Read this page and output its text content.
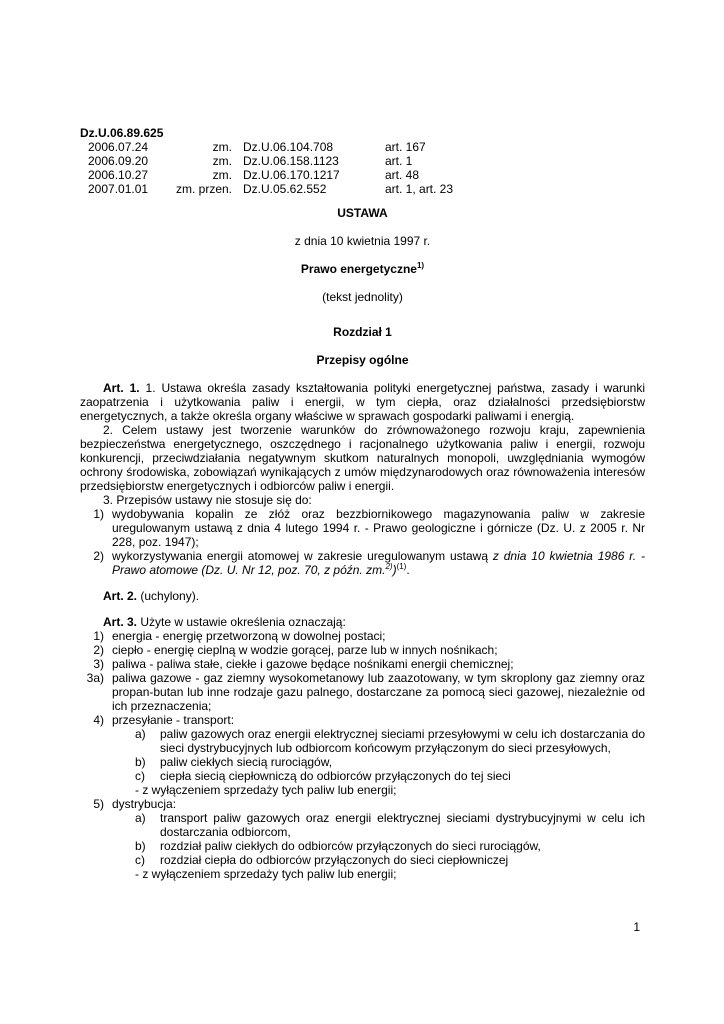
Dz.U.06.89.625
2006.07.24	zm. Dz.U.06.104.708	art. 167
2006.09.20	zm. Dz.U.06.158.1123	art. 1
2006.10.27	zm. Dz.U.06.170.1217	art. 48
2007.01.01	zm. przen. Dz.U.05.62.552	art. 1, art. 23

USTAWA

z dnia 10 kwietnia 1997 r.

Prawo energetyczne$^{1)}$

(tekst jednolity)

Rozdział 1

Przepisy ogólne

Art. 1. 1. Ustawa określa zasady kształtowania polityki energetycznej państwa, zasady i warunki zaopatrzenia i użytkowania paliw i energii, w tym ciepła, oraz działalności przedsiębiorstw energetycznych, a także określa organy właściwe w sprawach gospodarki paliwami i energią.

2. Celem ustawy jest tworzenie warunków do zrównoważonego rozwoju kraju, zapewnienia bezpieczeństwa energetycznego, oszczędnego i racjonalnego użytkowania paliw i energii, rozwoju konkurencji, przeciwdziałania negatywnym skutkom naturalnych monopoli, uwzględniania wymogów ochrony środowiska, zobowiązań wynikających z umów międzynarodowych oraz równoważenia interesów przedsiębiorstw energetycznych i odbiorców paliw i energii.

3. Przepisów ustawy nie stosuje się do:

1) wydobywania kopalin ze złóż oraz bezzbiornikowego magazynowania paliw w zakresie uregulowanym ustawą z dnia 4 lutego 1994 r. - Prawo geologiczne i górnicze (Dz. U. z 2005 r. Nr 228, poz. 1947);
2) wykorzystywania energii atomowej w zakresie uregulowanym ustawą z dnia 10 kwietnia 1986 r. - Prawo atomowe (Dz. U. Nr 12, poz. 70, z późn. zm.$^{2)}$)$^{(1)}$.

Art. 2. (uchylony).

Art. 3. Użyte w ustawie określenia oznaczają:

1) energia - energię przetworzoną w dowolnej postaci;
2) ciepło - energię cieplną w wodzie gorącej, parze lub w innych nośnikach;
3) paliwa - paliwa stałe, ciekłe i gazowe będące nośnikami energii chemicznej;
3a) paliwa gazowe - gaz ziemny wysokometanowy lub zaazotowany, w tym skroplony gaz ziemny oraz propan-butan lub inne rodzaje gazu palnego, dostarczane za pomocą sieci gazowej, niezależnie od ich przeznaczenia;
4) przesyłanie - transport:
a)	paliw gazowych oraz energii elektrycznej sieciami przesyłowymi w celu ich dostarczania do sieci dystrybucyjnych lub odbiorcom końcowym przyłączonym do sieci przesyłowych,
b)	paliw ciekłych siecią rurociągów,
c)	ciepła siecią ciepłowniczą do odbiorców przyłączonych do tej sieci
- z wyłączeniem sprzedaży tych paliw lub energii;
5) dystrybucja:
a)	transport paliw gazowych oraz energii elektrycznej sieciami dystrybucyjnymi w celu ich dostarczania odbiorcom,
b)	rozdział paliw ciekłych do odbiorców przyłączonych do sieci rurociągów,
c)	rozdział ciepła do odbiorców przyłączonych do sieci ciepłowniczej
- z wyłączeniem sprzedaży tych paliw lub energii;
1
